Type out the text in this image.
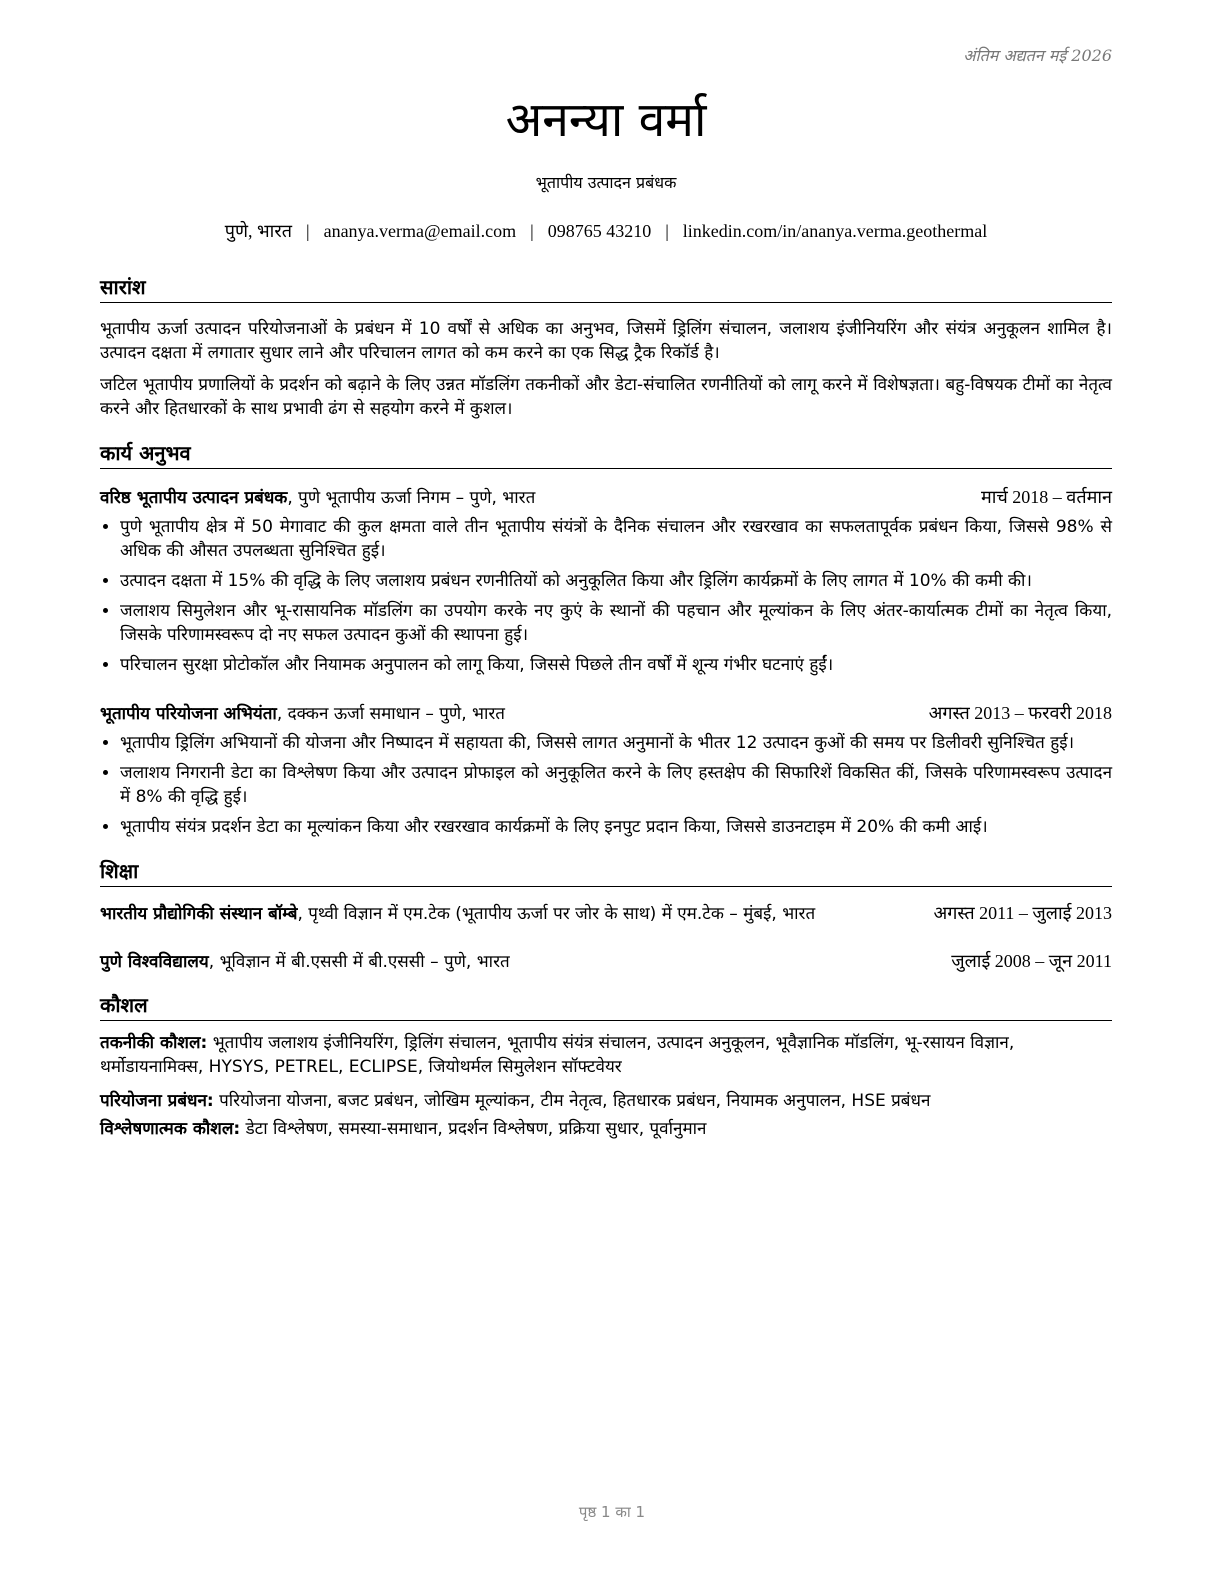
अंतिम अद्यतन मई 2026
अनन्या वर्मा
भूतापीय उत्पादन प्रबंधक
पुणे, भारत | ananya.verma@email.com | 098765 43210 | linkedin.com/in/ananya.verma.geothermal
सारांश

भूतापीय ऊर्जा उत्पादन परियोजनाओं के प्रबंधन में 10 वर्षों से अधिक का अनुभव, जिसमें ड्रिलिंग संचालन, जलाशय इंजीनियरिंग और संयंत्र अनुकूलन शामिल है। उत्पादन दक्षता में लगातार सुधार लाने और परिचालन लागत को कम करने का एक सिद्ध ट्रैक रिकॉर्ड है।

जटिल भूतापीय प्रणालियों के प्रदर्शन को बढ़ाने के लिए उन्नत मॉडलिंग तकनीकों और डेटा-संचालित रणनीतियों को लागू करने में विशेषज्ञता। बहु-विषयक टीमों का नेतृत्व करने और हितधारकों के साथ प्रभावी ढंग से सहयोग करने में कुशल।

कार्य अनुभव
वरिष्ठ भूतापीय उत्पादन प्रबंधक, पुणे भूतापीय ऊर्जा निगम – पुणे, भारत	मार्च 2018 – वर्तमान
• पुणे भूतापीय क्षेत्र में 50 मेगावाट की कुल क्षमता वाले तीन भूतापीय संयंत्रों के दैनिक संचालन और रखरखाव का सफलतापूर्वक प्रबंधन किया, जिससे 98% से अधिक की औसत उपलब्धता सुनिश्चित हुई।
• उत्पादन दक्षता में 15% की वृद्धि के लिए जलाशय प्रबंधन रणनीतियों को अनुकूलित किया और ड्रिलिंग कार्यक्रमों के लिए लागत में 10% की कमी की।
• जलाशय सिमुलेशन और भू-रासायनिक मॉडलिंग का उपयोग करके नए कुएं के स्थानों की पहचान और मूल्यांकन के लिए अंतर-कार्यात्मक टीमों का नेतृत्व किया, जिसके परिणामस्वरूप दो नए सफल उत्पादन कुओं की स्थापना हुई।
• परिचालन सुरक्षा प्रोटोकॉल और नियामक अनुपालन को लागू किया, जिससे पिछले तीन वर्षों में शून्य गंभीर घटनाएं हुईं।
भूतापीय परियोजना अभियंता, दक्कन ऊर्जा समाधान – पुणे, भारत	अगस्त 2013 – फरवरी 2018
• भूतापीय ड्रिलिंग अभियानों की योजना और निष्पादन में सहायता की, जिससे लागत अनुमानों के भीतर 12 उत्पादन कुओं की समय पर डिलीवरी सुनिश्चित हुई।
• जलाशय निगरानी डेटा का विश्लेषण किया और उत्पादन प्रोफाइल को अनुकूलित करने के लिए हस्तक्षेप की सिफारिशें विकसित कीं, जिसके परिणामस्वरूप उत्पादन में 8% की वृद्धि हुई।
• भूतापीय संयंत्र प्रदर्शन डेटा का मूल्यांकन किया और रखरखाव कार्यक्रमों के लिए इनपुट प्रदान किया, जिससे डाउनटाइम में 20% की कमी आई।
शिक्षा
भारतीय प्रौद्योगिकी संस्थान बॉम्बे, पृथ्वी विज्ञान में एम.टेक (भूतापीय ऊर्जा पर जोर के साथ) में एम.टेक – मुंबई, भारत	अगस्त 2011 – जुलाई 2013
पुणे विश्वविद्यालय, भूविज्ञान में बी.एससी में बी.एससी – पुणे, भारत	जुलाई 2008 – जून 2011
कौशल
तकनीकी कौशल: भूतापीय जलाशय इंजीनियरिंग, ड्रिलिंग संचालन, भूतापीय संयंत्र संचालन, उत्पादन अनुकूलन, भूवैज्ञानिक मॉडलिंग, भू-रसायन विज्ञान, थर्मोडायनामिक्स, HYSYS, PETREL, ECLIPSE, जियोथर्मल सिमुलेशन सॉफ्टवेयर
परियोजना प्रबंधन: परियोजना योजना, बजट प्रबंधन, जोखिम मूल्यांकन, टीम नेतृत्व, हितधारक प्रबंधन, नियामक अनुपालन, HSE प्रबंधन
विश्लेषणात्मक कौशल: डेटा विश्लेषण, समस्या-समाधान, प्रदर्शन विश्लेषण, प्रक्रिया सुधार, पूर्वानुमान
पृष्ठ 1 का 1
